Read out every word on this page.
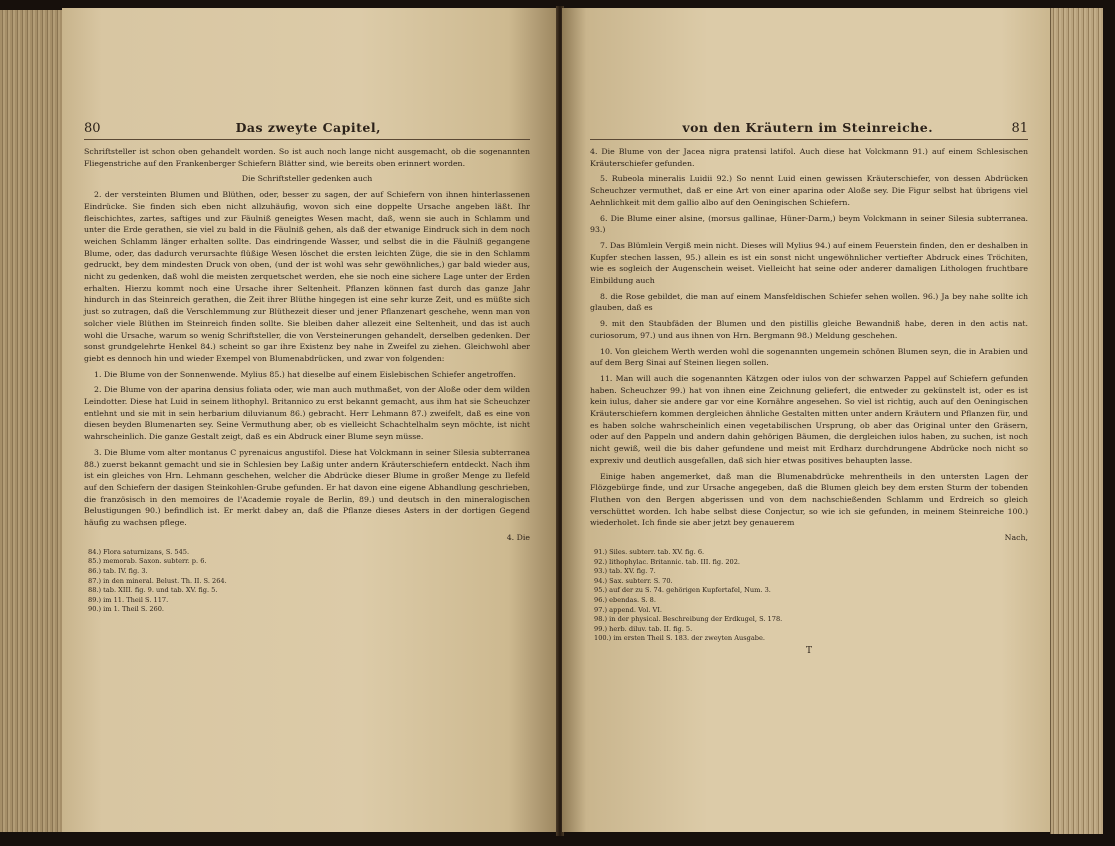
80	Das zweyte Capitel,

Schriftsteller ist schon oben gehandelt worden. So ist auch noch lange nicht ausgemacht, ob die sogenannten Fliegenstriche auf den Frankenberger Schiefern Blätter sind, wie bereits oben erinnert worden.

Die Schriftsteller gedenken auch

2. der versteinten Blumen und Blüthen, oder, besser zu sagen, der auf Schiefern von ihnen hinterlassenen Eindrücke. Sie finden sich eben nicht allzuhäufig, wovon sich eine doppelte Ursache angeben läßt. Ihr fleischichtes, zartes, saftiges und zur Fäulniß geneigtes Wesen macht, daß, wenn sie auch in Schlamm und unter die Erde gerathen, sie viel zu bald in die Fäulniß gehen, als daß der etwanige Eindruck sich in dem noch weichen Schlamm länger erhalten sollte. Das eindringende Wasser, und selbst die in die Fäulniß gegangene Blume, oder, das dadurch verursachte flüßige Wesen löschet die ersten leichten Züge, die sie in den Schlamm gedruckt, bey dem mindesten Druck von oben, (und der ist wohl was sehr gewöhnliches,) gar bald wieder aus, nicht zu gedenken, daß wohl die meisten zerquetschet werden, ehe sie noch eine sichere Lage unter der Erden erhalten. Hierzu kommt noch eine Ursache ihrer Seltenheit. Pflanzen können fast durch das ganze Jahr hindurch in das Steinreich gerathen, die Zeit ihrer Blüthe hingegen ist eine sehr kurze Zeit, und es müßte sich just so zutragen, daß die Verschlemmung zur Blüthezeit dieser und jener Pflanzenart geschehe, wenn man von solcher viele Blüthen im Steinreich finden sollte. Sie bleiben daher allezeit eine Seltenheit, und das ist auch wohl die Ursache, warum so wenig Schriftsteller, die von Versteinerungen gehandelt, derselben gedenken. Der sonst grundgelehrte Henkel 84.) scheint so gar ihre Existenz bey nahe in Zweifel zu ziehen. Gleichwohl aber giebt es dennoch hin und wieder Exempel von Blumenabdrücken, und zwar von folgenden:

1. Die Blume von der Sonnenwende. Mylius 85.) hat dieselbe auf einem Eislebischen Schiefer angetroffen.

2. Die Blume von der aparina densius foliata oder, wie man auch muthmaßet, von der Aloße oder dem wilden Leindotter. Diese hat Luid in seinem lithophyl. Britannico zu erst bekannt gemacht, aus ihm hat sie Scheuchzer entlehnt und sie mit in sein herbarium diluvianum 86.) gebracht. Herr Lehmann 87.) zweifelt, daß es eine von diesen beyden Blumenarten sey. Seine Vermuthung aber, ob es vielleicht Schachtelhalm seyn möchte, ist nicht wahrscheinlich. Die ganze Gestalt zeigt, daß es ein Abdruck einer Blume seyn müsse.

3. Die Blume vom alter montanus C pyrenaicus angustifol. Diese hat Volckmann in seiner Silesia subterranea 88.) zuerst bekannt gemacht und sie in Schlesien bey Laßig unter andern Kräuterschiefern entdeckt. Nach ihm ist ein gleiches von Hrn. Lehmann geschehen, welcher die Abdrücke dieser Blume in großer Menge zu Ilefeld auf den Schiefern der dasigen Steinkohlen-Grube gefunden. Er hat davon eine eigene Abhandlung geschrieben, die französisch in den memoires de l'Academie royale de Berlin, 89.) und deutsch in den mineralogischen Belustigungen 90.) befindlich ist. Er merkt dabey an, daß die Pflanze dieses Asters in der dortigen Gegend häufig zu wachsen pflege.

4. Die
84.) Flora saturnizans, S. 545.
85.) memorab. Saxon. subterr. p. 6.
86.) tab. IV. fig. 3.
87.) in den mineral. Belust. Th. II. S. 264.
88.) tab. XIII. fig. 9. und tab. XV. fig. 5.
89.) im 11. Theil S. 117.
90.) im 1. Theil S. 260.
von den Kräutern im Steinreiche.	81

4. Die Blume von der Jacea nigra pratensi latifol. Auch diese hat Volckmann 91.) auf einem Schlesischen Kräuterschiefer gefunden.

5. Rubeola mineralis Luidii 92.) So nennt Luid einen gewissen Kräuterschiefer, von dessen Abdrücken Scheuchzer vermuthet, daß er eine Art von einer aparina oder Aloße sey. Die Figur selbst hat übrigens viel Aehnlichkeit mit dem gallio albo auf den Oeningischen Schiefern.

6. Die Blume einer alsine, (morsus gallinae, Hüner-Darm,) beym Volckmann in seiner Silesia subterranea. 93.)

7. Das Blümlein Vergiß mein nicht. Dieses will Mylius 94.) auf einem Feuerstein finden, den er deshalben in Kupfer stechen lassen, 95.) allein es ist ein sonst nicht ungewöhnlicher vertiefter Abdruck eines Tröchiten, wie es sogleich der Augenschein weiset. Vielleicht hat seine oder anderer damaligen Lithologen fruchtbare Einbildung auch

8. die Rose gebildet, die man auf einem Mansfeldischen Schiefer sehen wollen. 96.) Ja bey nahe sollte ich glauben, daß es

9. mit den Staubfäden der Blumen und den pistillis gleiche Bewandniß habe, deren in den actis nat. curiosorum, 97.) und aus ihnen von Hrn. Bergmann 98.) Meldung geschehen.

10. Von gleichem Werth werden wohl die sogenannten ungemein schönen Blumen seyn, die in Arabien und auf dem Berg Sinai auf Steinen liegen sollen.

11. Man will auch die sogenannten Kätzgen oder iulos von der schwarzen Pappel auf Schiefern gefunden haben. Scheuchzer 99.) hat von ihnen eine Zeichnung geliefert, die entweder zu gekünstelt ist, oder es ist kein iulus, daher sie andere gar vor eine Kornähre angesehen. So viel ist richtig, auch auf den Oeningischen Kräuterschiefern kommen dergleichen ähnliche Gestalten mitten unter andern Kräutern und Pflanzen für, und es haben solche wahrscheinlich einen vegetabilischen Ursprung, ob aber das Original unter den Gräsern, oder auf den Pappeln und andern dahin gehörigen Bäumen, die dergleichen iulos haben, zu suchen, ist noch nicht gewiß, weil die bis daher gefundene und meist mit Erdharz durchdrungene Abdrücke noch nicht so exprexiv und deutlich ausgefallen, daß sich hier etwas positives behaupten lasse.

Einige haben angemerket, daß man die Blumenabdrücke mehrentheils in den untersten Lagen der Flözgebürge finde, und zur Ursache angegeben, daß die Blumen gleich bey dem ersten Sturm der tobenden Fluthen von den Bergen abgerissen und von dem nachschießenden Schlamm und Erdreich so gleich verschüttet worden. Ich habe selbst diese Conjectur, so wie ich sie gefunden, in meinem Steinreiche 100.) wiederholet. Ich finde sie aber jetzt bey genauerem

Nach,
91.) Siles. subterr. tab. XV. fig. 6.
92.) lithophylac. Britannic. tab. III. fig. 202.
93.) tab. XV. fig. 7.
94.) Sax. subterr. S. 70.
95.) auf der zu S. 74. gehörigen Kupfertafel, Num. 3.
96.) ebendas. S. 8.
97.) append. Vol. VI.
98.) in der physical. Beschreibung der Erdkugel, S. 178.
99.) herb. diluv. tab. II. fig. 5.
100.) im ersten Theil S. 183. der zweyten Ausgabe.
T
